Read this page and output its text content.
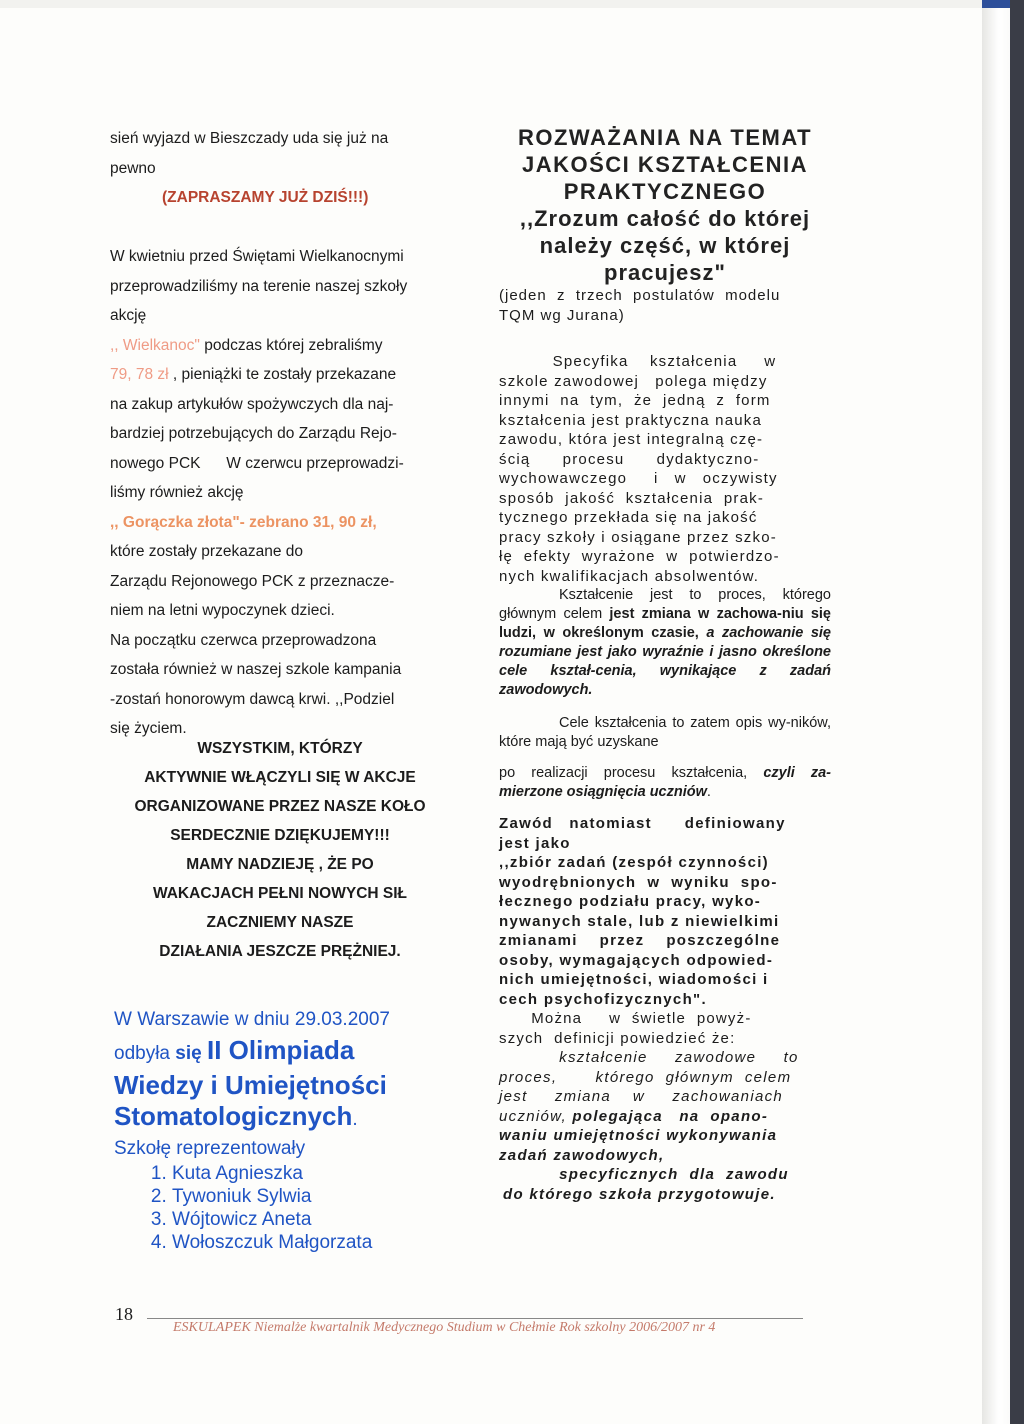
sień wyjazd w Bieszczady uda się już na

pewno

(ZAPRASZAMY JUŻ DZIŚ!!!)

W kwietniu przed Świętami Wielkanocnymi

przeprowadziliśmy na terenie naszej szkoły

akcję

,, Wielkanoc" podczas której zebraliśmy

79, 78 zł , pieniążki te zostały przekazane

na zakup artykułów spożywczych dla naj-

bardziej potrzebujących do Zarządu Rejo-

nowego PCK      W czerwcu przeprowadzi-

liśmy również akcję

,, Gorączka złota"- zebrano 31, 90 zł,

które zostały przekazane do

Zarządu Rejonowego PCK z przeznacze-

niem na letni wypoczynek dzieci.

Na początku czerwca przeprowadzona

została również w naszej szkole kampania

-zostań honorowym dawcą krwi. ,,Podziel

się życiem.

WSZYSTKIM, KTÓRZY
AKTYWNIE WŁĄCZYLI SIĘ W AKCJE
ORGANIZOWANE PRZEZ NASZE KOŁO
SERDECZNIE DZIĘKUJEMY!!!
MAMY NADZIEJĘ , ŻE PO
WAKACJACH PEŁNI NOWYCH SIŁ
ZACZNIEMY NASZE
DZIAŁANIA JESZCZE PRĘŻNIEJ.
W Warszawie w dniu 29.03.2007
odbyła się II Olimpiada
Wiedzy i Umiejętności
Stomatologicznych.
Szkołę reprezentowały
1. Kuta Agnieszka
2. Tywoniuk Sylwia
3. Wójtowicz Aneta
4. Wołoszczuk Małgorzata
ROZWAŻANIA NA TEMAT
JAKOŚCI KSZTAŁCENIA
PRAKTYCZNEGO
,,Zrozum całość do której
należy część, w której
pracujesz"
(jeden  z  trzech  postulatów  modelu
TQM wg Jurana)

Specyfika    kształcenia     w

szkole zawodowej   polega między

innymi  na  tym,  że  jedną  z  form

kształcenia jest praktyczna nauka

zawodu, która jest integralną czę-

ścią      procesu      dydaktyczno-

wychowawczego     i   w   oczywisty

sposób  jakość  kształcenia  prak-

tycznego przekłada się na jakość

pracy szkoły i osiągane przez szko-

łę  efekty  wyrażone  w  potwierdzo-

nych kwalifikacjach absolwentów.

Kształcenie jest to proces, którego głównym celem jest zmiana w zachowa-niu się ludzi, w określonym czasie, a zachowanie się rozumiane jest jako wyraźnie i jasno określone cele kształ-cenia, wynikające z zadań zawodowych.

Cele kształcenia to zatem opis wy-ników, które mają być uzyskane

po realizacji procesu kształcenia, czyli za-mierzone osiągnięcia uczniów.

Zawód   natomiast      definiowany

jest jako

,,zbiór zadań (zespół czynności)

wyodrębnionych  w  wyniku  spo-

łecznego podziału pracy, wyko-

nywanych stale, lub z niewielkimi

zmianami    przez    poszczególne

osoby, wymagających odpowied-

nich umiejętności, wiadomości i

cech psychofizycznych".

Można     w  świetle  powyż-

szych  definicji powiedzieć że:

kształcenie     zawodowe     to

proces,       którego  głównym  celem

jest     zmiana    w     zachowaniach

uczniów, polegająca   na  opano-

waniu umiejętności wykonywania

zadań zawodowych,

specyficznych  dla  zawodu

do którego szkoła przygotowuje.

18
ESKULAPEK Niemalże kwartalnik Medycznego Studium w Chełmie Rok szkolny 2006/2007 nr 4
